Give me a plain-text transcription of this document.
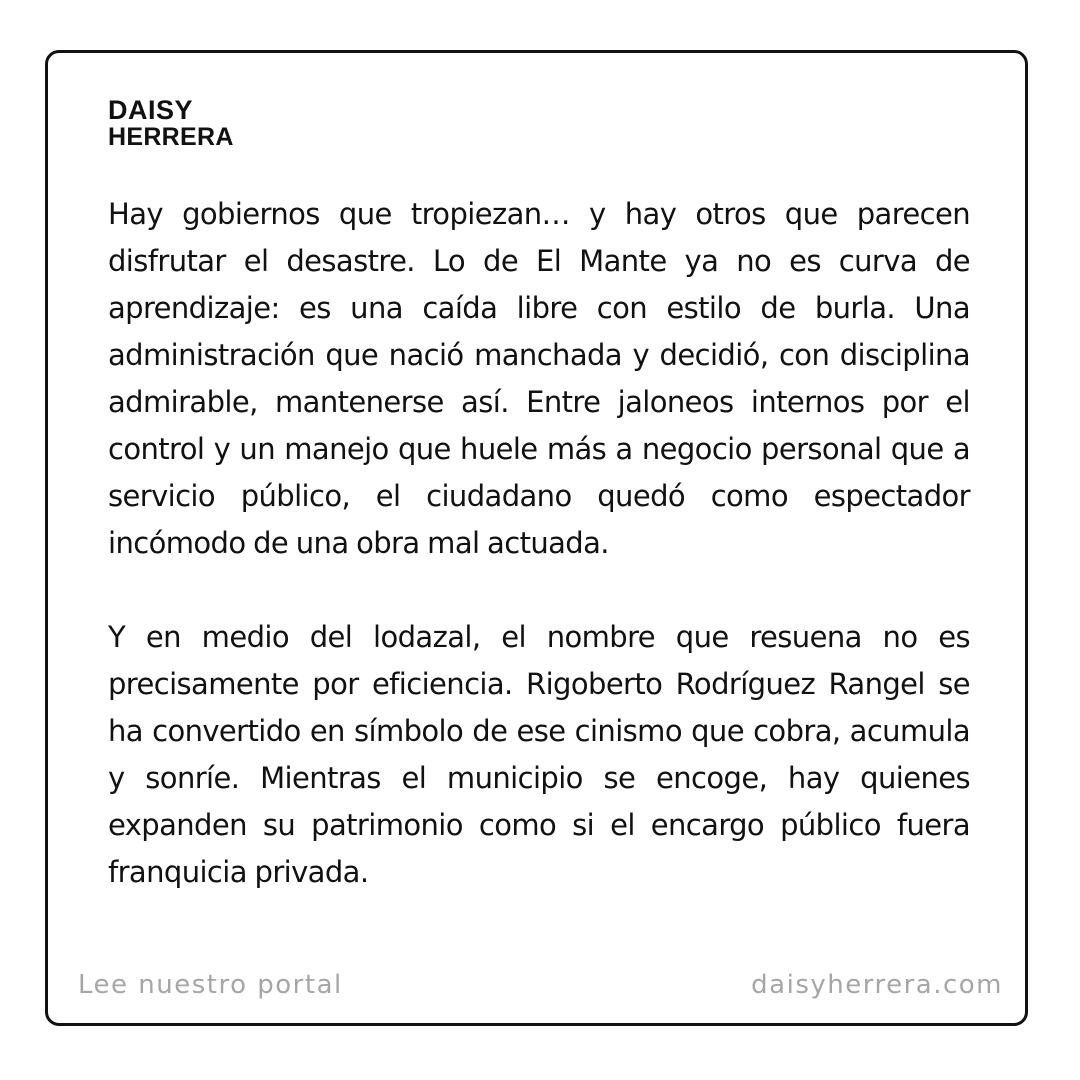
DAISY
HERRERA

Hay gobiernos que tropiezan… y hay otros que parecen disfrutar el desastre. Lo de El Mante ya no es curva de aprendizaje: es una caída libre con estilo de burla. Una administración que nació manchada y decidió, con disciplina admirable, mantenerse así. Entre jaloneos internos por el control y un manejo que huele más a negocio personal que a servicio público, el ciudadano quedó como espectador incómodo de una obra mal actuada.

Y en medio del lodazal, el nombre que resuena no es precisamente por eficiencia. Rigoberto Rodríguez Rangel se ha convertido en símbolo de ese cinismo que cobra, acumula y sonríe. Mientras el municipio se encoge, hay quienes expanden su patrimonio como si el encargo público fuera franquicia privada.

Lee nuestro portal	daisyherrera.com
